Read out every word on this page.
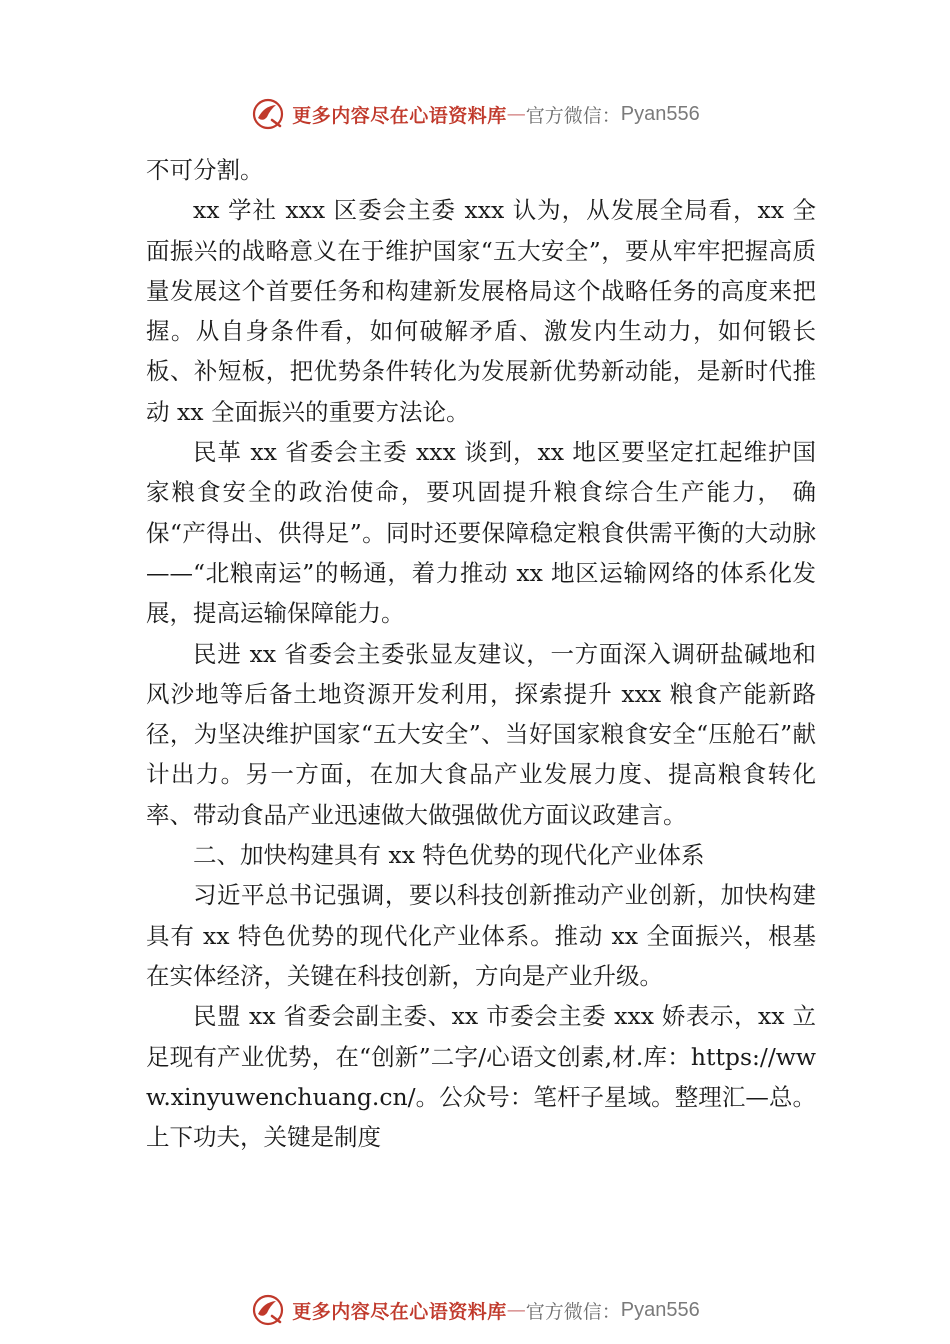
更多内容尽在心语资料库 — 官方微信： Pyan556

不可分割。

xx 学社 xxx 区委会主委 xxx 认为，从发展全局看，xx 全面振兴的战略意义在于维护国家“五大安全”，要从牢牢把握高质量发展这个首要任务和构建新发展格局这个战略任务的高度来把握。从自身条件看，如何破解矛盾、激发内生动力，如何锻长板、补短板，把优势条件转化为发展新优势新动能，是新时代推动 xx 全面振兴的重要方法论。

民革 xx 省委会主委 xxx 谈到，xx 地区要坚定扛起维护国家粮食安全的政治使命，要巩固提升粮食综合生产能力， 确保“产得出、供得足”。同时还要保障稳定粮食供需平衡的大动脉——“北粮南运”的畅通，着力推动 xx 地区运输网络的体系化发展，提高运输保障能力。

民进 xx 省委会主委张显友建议，一方面深入调研盐碱地和风沙地等后备土地资源开发利用，探索提升 xxx 粮食产能新路径，为坚决维护国家“五大安全”、当好国家粮食安全“压舱石”献计出力。另一方面，在加大食品产业发展力度、提高粮食转化率、带动食品产业迅速做大做强做优方面议政建言。

二、加快构建具有 xx 特色优势的现代化产业体系

习近平总书记强调，要以科技创新推动产业创新，加快构建具有 xx 特色优势的现代化产业体系。推动 xx 全面振兴，根基在实体经济，关键在科技创新，方向是产业升级。

民盟 xx 省委会副主委、xx 市委会主委 xxx 娇表示，xx 立足现有产业优势，在“创新”二字/心语文创素,材.库：https://www.xinyuwenchuang.cn/。公众号：笔杆子星域。整理汇—总。上下功夫，关键是制度

更多内容尽在心语资料库 — 官方微信： Pyan556
